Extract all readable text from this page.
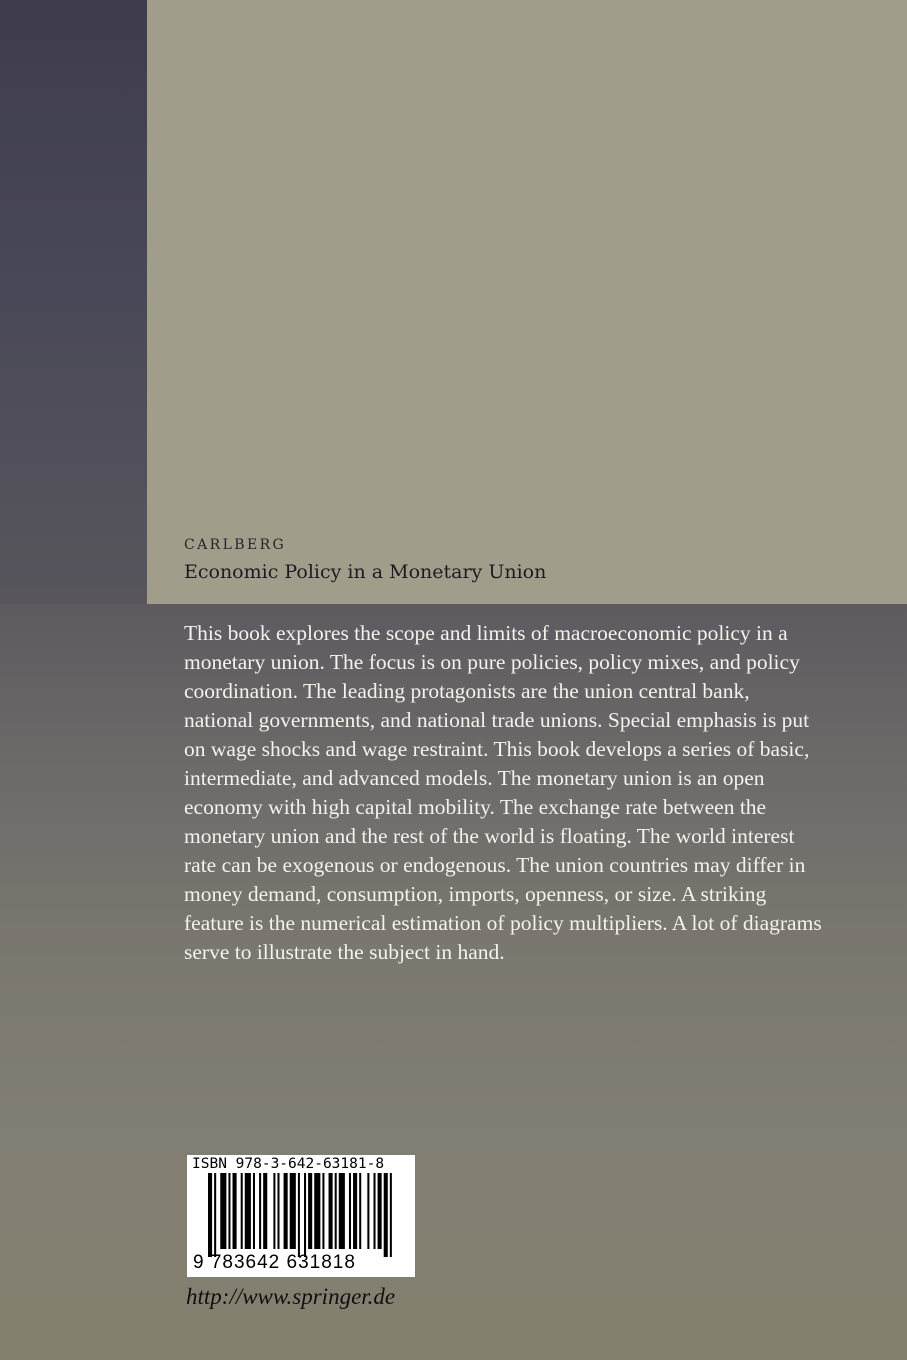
CARLBERG
Economic Policy in a Monetary Union
This book explores the scope and limits of macroeconomic policy in a monetary union. The focus is on pure policies, policy mixes, and policy coordination. The leading protagonists are the union central bank, national governments, and national trade unions. Special emphasis is put on wage shocks and wage restraint. This book develops a series of basic, intermediate, and advanced models. The monetary union is an open economy with high capital mobility. The exchange rate between the monetary union and the rest of the world is floating. The world interest rate can be exogenous or endogenous. The union countries may differ in money demand, consumption, imports, openness, or size. A striking feature is the numerical estimation of policy multipliers. A lot of diagrams serve to illustrate the subject in hand.
ISBN 978-3-642-63181-8
9 783642 631818
http://www.springer.de
